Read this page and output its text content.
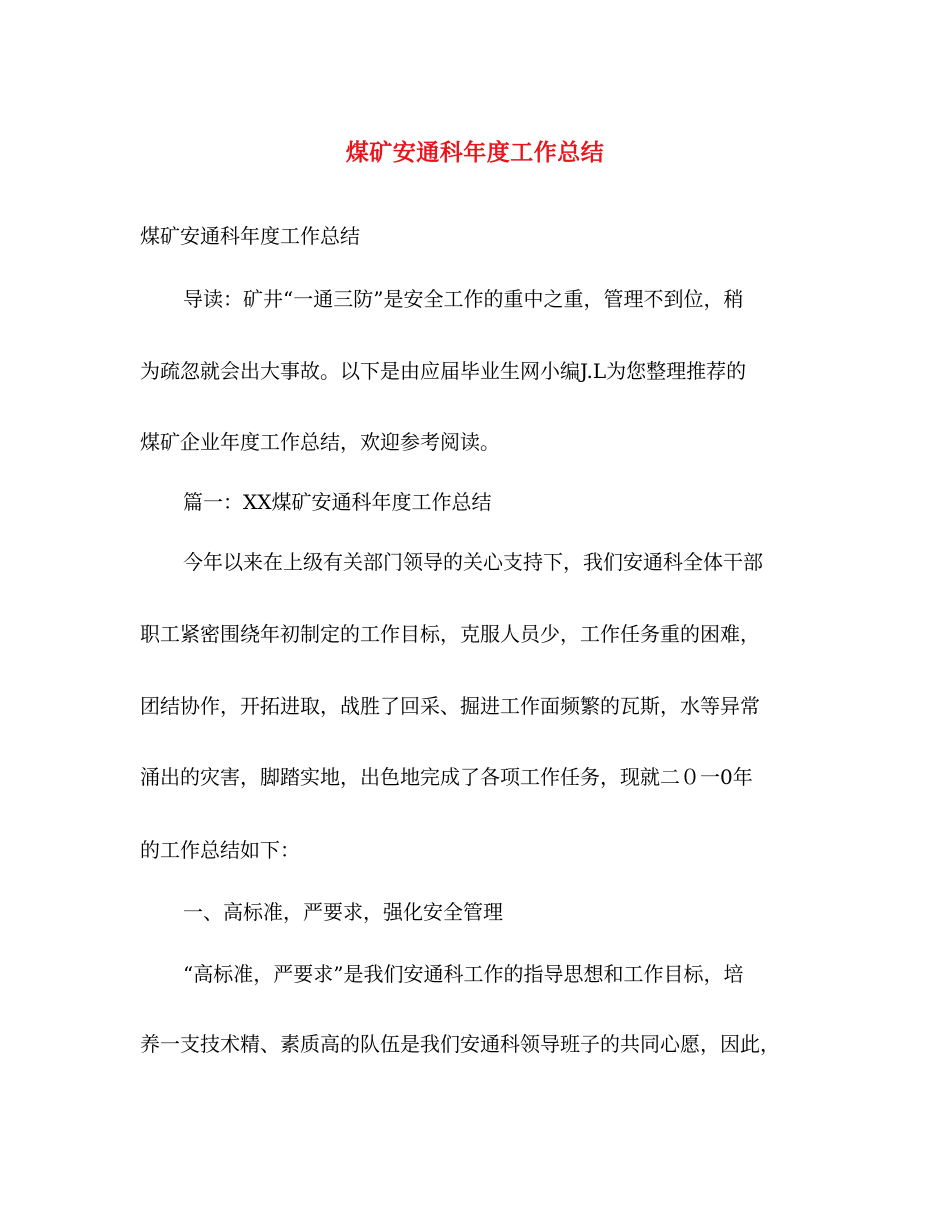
煤矿安通科年度工作总结
煤矿安通科年度工作总结
导读：矿井“一通三防”是安全工作的重中之重，管理不到位，稍
为疏忽就会出大事故。以下是由应届毕业生网小编J.L为您整理推荐的
煤矿企业年度工作总结，欢迎参考阅读。
篇一：XX煤矿安通科年度工作总结
今年以来在上级有关部门领导的关心支持下，我们安通科全体干部
职工紧密围绕年初制定的工作目标，克服人员少，工作任务重的困难，
团结协作，开拓进取，战胜了回采、掘进工作面频繁的瓦斯，水等异常
涌出的灾害，脚踏实地，出色地完成了各项工作任务，现就二０一0年
的工作总结如下：
一、高标准，严要求，强化安全管理
“高标准，严要求”是我们安通科工作的指导思想和工作目标，培
养一支技术精、素质高的队伍是我们安通科领导班子的共同心愿，因此，
